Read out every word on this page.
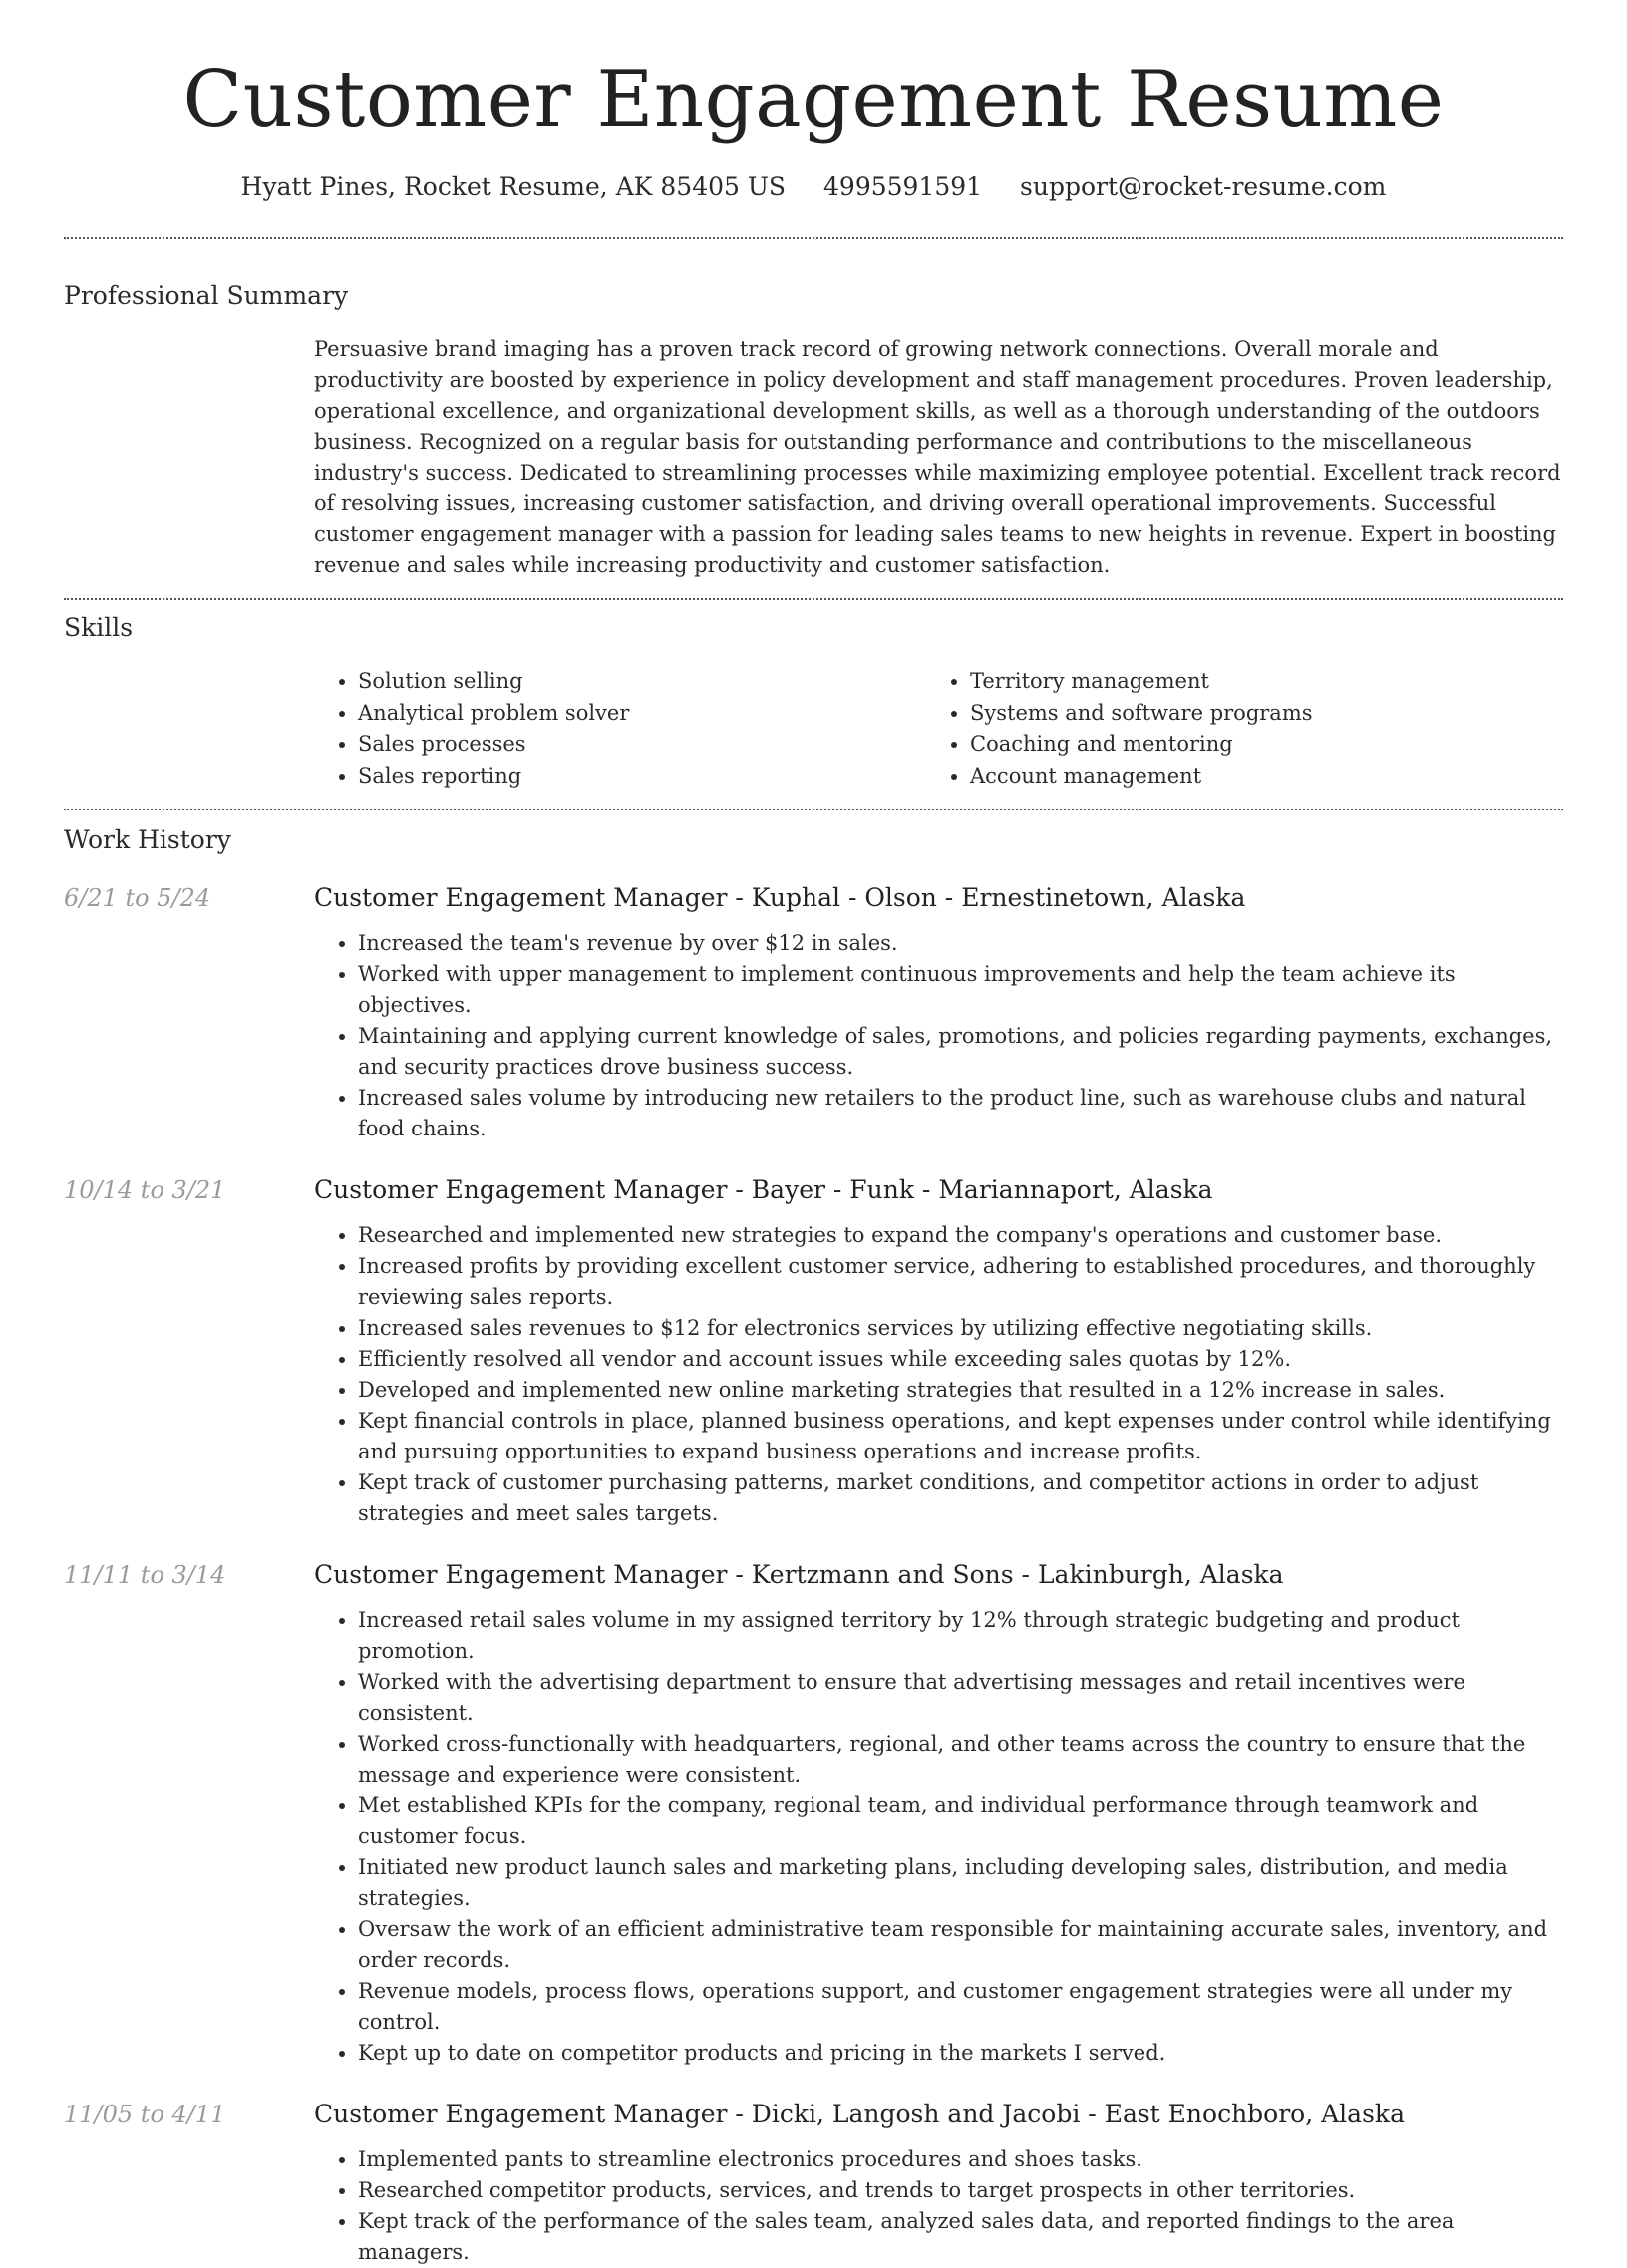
Customer Engagement Resume
Hyatt Pines, Rocket Resume, AK 85405 US 4995591591 support@rocket-resume.com
Professional Summary

Persuasive brand imaging has a proven track record of growing network connections. Overall morale and productivity are boosted by experience in policy development and staff management procedures. Proven leadership, operational excellence, and organizational development skills, as well as a thorough understanding of the outdoors business. Recognized on a regular basis for outstanding performance and contributions to the miscellaneous industry's success. Dedicated to streamlining processes while maximizing employee potential. Excellent track record of resolving issues, increasing customer satisfaction, and driving overall operational improvements. Successful customer engagement manager with a passion for leading sales teams to new heights in revenue. Expert in boosting revenue and sales while increasing productivity and customer satisfaction.

Skills
• Solution selling
• Analytical problem solver
• Sales processes
• Sales reporting
• Territory management
• Systems and software programs
• Coaching and mentoring
• Account management
Work History
6/21 to 5/24	Customer Engagement Manager - Kuphal - Olson - Ernestinetown, Alaska
• Increased the team's revenue by over $12 in sales.
• Worked with upper management to implement continuous improvements and help the team achieve its objectives.
• Maintaining and applying current knowledge of sales, promotions, and policies regarding payments, exchanges, and security practices drove business success.
• Increased sales volume by introducing new retailers to the product line, such as warehouse clubs and natural food chains.
10/14 to 3/21	Customer Engagement Manager - Bayer - Funk - Mariannaport, Alaska
• Researched and implemented new strategies to expand the company's operations and customer base.
• Increased profits by providing excellent customer service, adhering to established procedures, and thoroughly reviewing sales reports.
• Increased sales revenues to $12 for electronics services by utilizing effective negotiating skills.
• Efficiently resolved all vendor and account issues while exceeding sales quotas by 12%.
• Developed and implemented new online marketing strategies that resulted in a 12% increase in sales.
• Kept financial controls in place, planned business operations, and kept expenses under control while identifying and pursuing opportunities to expand business operations and increase profits.
• Kept track of customer purchasing patterns, market conditions, and competitor actions in order to adjust strategies and meet sales targets.
11/11 to 3/14	Customer Engagement Manager - Kertzmann and Sons - Lakinburgh, Alaska
• Increased retail sales volume in my assigned territory by 12% through strategic budgeting and product promotion.
• Worked with the advertising department to ensure that advertising messages and retail incentives were consistent.
• Worked cross-functionally with headquarters, regional, and other teams across the country to ensure that the message and experience were consistent.
• Met established KPIs for the company, regional team, and individual performance through teamwork and customer focus.
• Initiated new product launch sales and marketing plans, including developing sales, distribution, and media strategies.
• Oversaw the work of an efficient administrative team responsible for maintaining accurate sales, inventory, and order records.
• Revenue models, process flows, operations support, and customer engagement strategies were all under my control.
• Kept up to date on competitor products and pricing in the markets I served.
11/05 to 4/11	Customer Engagement Manager - Dicki, Langosh and Jacobi - East Enochboro, Alaska
• Implemented pants to streamline electronics procedures and shoes tasks.
• Researched competitor products, services, and trends to target prospects in other territories.
• Kept track of the performance of the sales team, analyzed sales data, and reported findings to the area managers.
